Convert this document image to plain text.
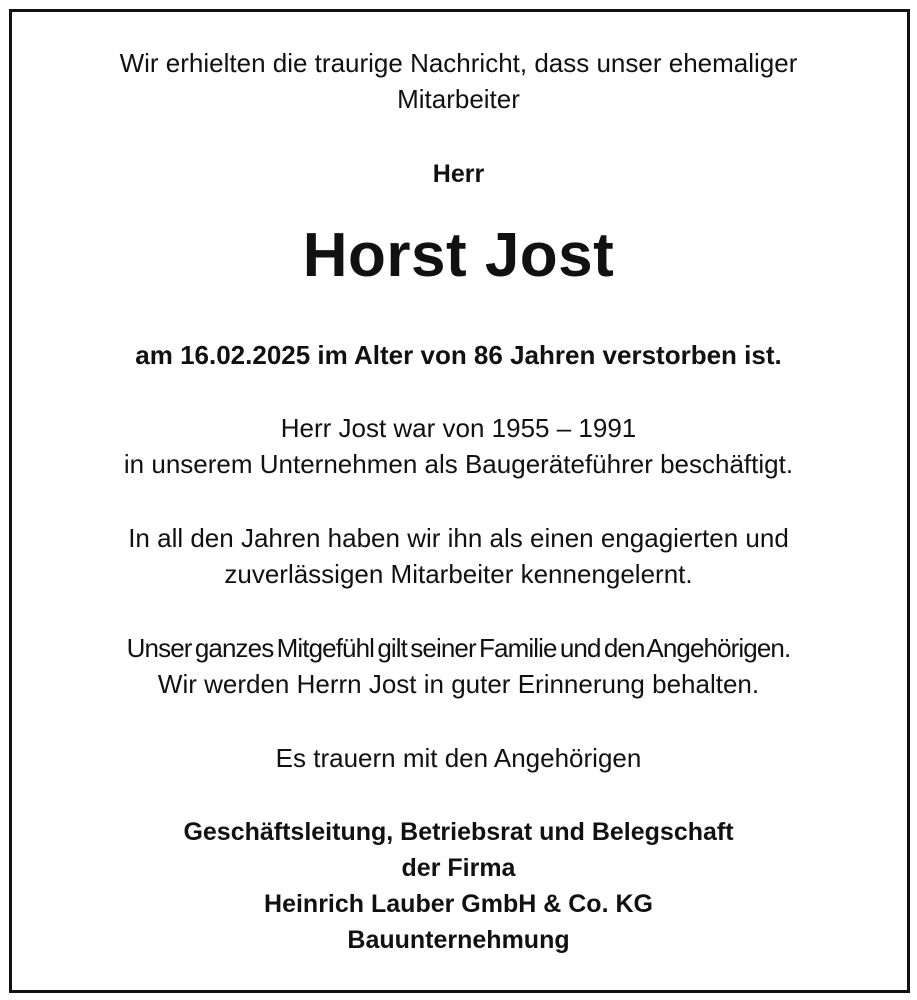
Wir erhielten die traurige Nachricht, dass unser ehemaliger
Mitarbeiter
Herr
Horst Jost
am 16.02.2025 im Alter von 86 Jahren verstorben ist.
Herr Jost war von 1955 – 1991
in unserem Unternehmen als Baugeräteführer beschäftigt.
In all den Jahren haben wir ihn als einen engagierten und
zuverlässigen Mitarbeiter kennengelernt.
Unser ganzes Mitgefühl gilt seiner Familie und den Angehörigen.
Wir werden Herrn Jost in guter Erinnerung behalten.
Es trauern mit den Angehörigen
Geschäftsleitung, Betriebsrat und Belegschaft
der Firma
Heinrich Lauber GmbH & Co. KG
Bauunternehmung
